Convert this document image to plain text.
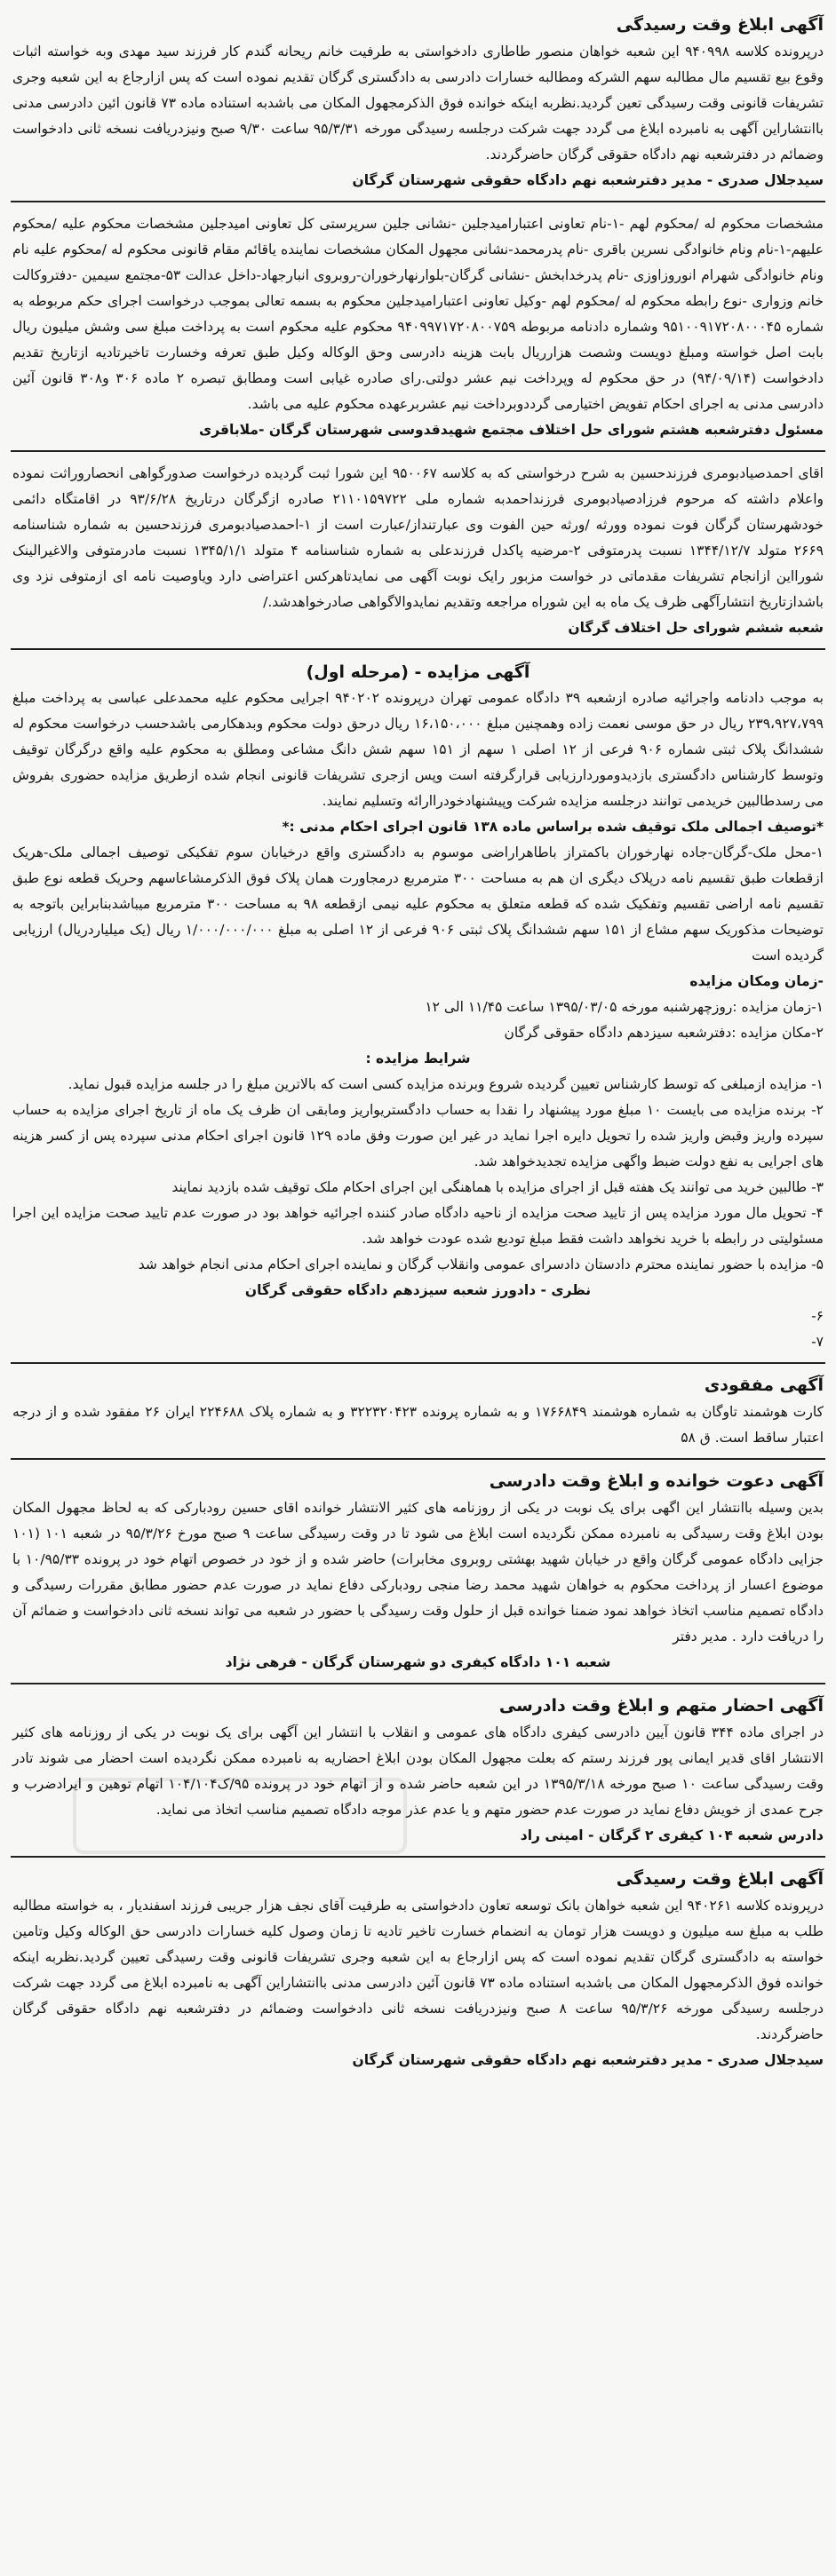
آگهی ابلاغ وقت رسیدگی
درپرونده کلاسه ۹۴۰۹۹۸ این شعبه خواهان منصور طاطاری دادخواستی به طرفیت خانم ریحانه گندم کار فرزند سید مهدی وبه خواسته اثبات وقوع بیع تقسیم مال مطالبه سهم الشرکه ومطالبه خسارات دادرسی به دادگستری گرگان تقدیم نموده است که پس ازارجاع به این شعبه وجری تشریفات قانونی وقت رسیدگی تعین گردید.نظربه اینکه خوانده فوق الذکرمجهول المکان می باشدبه استناده ماده ۷۳ قانون ائین دادرسی مدنی باانتشاراین آگهی به نامبرده ابلاغ می گردد جهت شرکت درجلسه رسیدگی مورخه ۹۵/۳/۳۱ ساعت ۹/۳۰ صبح ونیزدریافت نسخه ثانی دادخواست وضمائم در دفترشعبه نهم دادگاه حقوقی گرگان حاضرگردند.
سیدجلال صدری - مدیر دفترشعبه نهم دادگاه حقوقی شهرستان گرگان
مشخصات محکوم له /محکوم لهم -۱-نام تعاونی اعتبارامیدجلین -نشانی جلین سرپرستی کل تعاونی امیدجلین مشخصات محکوم علیه /محکوم علیهم-۱-نام ونام خانوادگی نسرین باقری -نام پدرمحمد-نشانی مجهول المکان مشخصات نماینده یاقائم مقام قانونی محکوم له /محکوم علیه نام ونام خانوادگی شهرام انوروزاوزی -نام پدرخدابخش -نشانی گرگان-بلوارنهارخوران-روبروی انبارجهاد-داخل عدالت ۵۳-مجتمع سیمین -دفتروکالت خانم وزواری -نوع رابطه محکوم له /محکوم لهم -وکیل تعاونی اعتبارامیدجلین محکوم به بسمه تعالی بموجب درخواست اجرای حکم مربوطه به شماره ۹۵۱۰۰۹۱۷۲۰۸۰۰۰۴۵ وشماره دادنامه مربوطه ۹۴۰۹۹۷۱۷۲۰۸۰۰۷۵۹ محکوم علیه محکوم است به پرداخت مبلغ سی وشش میلیون ریال بابت اصل خواسته ومبلغ دویست وشصت هزارریال بابت هزینه دادرسی وحق الوکاله وکیل طبق تعرفه وخسارت تاخیرتادیه ازتاریخ تقدیم دادخواست (۹۴/۰۹/۱۴) در حق محکوم له وپرداخت نیم عشر دولتی.رای صادره غیابی است ومطابق تبصره ۲ ماده ۳۰۶ و۳۰۸ قانون آئین دادرسی مدنی به اجرای احکام تفویض اختیارمی گرددوبرداخت نیم عشربرعهده محکوم علیه می باشد.
مسئول دفترشعبه هشتم شورای حل اختلاف مجتمع شهیدقدوسی شهرستان گرگان -ملاباقری
اقای احمدصیادبومری فرزندحسین به شرح درخواستی که به کلاسه ۹۵۰۰۶۷ این شورا ثبت گردیده درخواست صدورگواهی انحصاروراثت نموده واعلام داشته که مرحوم فرزادصیادبومری فرزنداحمدبه شماره ملی ۲۱۱۰۱۵۹۷۲۲ صادره ازگرگان درتاریخ ۹۳/۶/۲۸ در اقامتگاه دائمی خودشهرستان گرگان فوت نموده وورثه /ورثه حین الفوت وی عبارتنداز/عبارت است از ۱-احمدصیادبومری فرزندحسین به شماره شناسنامه ۲۶۶۹ متولد ۱۳۴۴/۱۲/۷ نسبت پدرمتوفی ۲-مرضیه پاکدل فرزندعلی به شماره شناسنامه ۴ متولد ۱۳۴۵/۱/۱ نسبت مادرمتوفی والاغیرالینک شورااین ازانجام تشریفات مقدماتی در خواست مزبور رایک نوبت آگهی می نمایدتاهرکس اعتراضی دارد ویاوصیت نامه ای ازمتوفی نزد وی باشدازتاریخ انتشارآگهی ظرف یک ماه به این شوراه مراجعه وتقدیم نمایدوالاگواهی صادرخواهدشد./
شعبه ششم شورای حل اختلاف گرگان
آگهی مزایده - (مرحله اول)
به موجب دادنامه واجرائیه صادره ازشعبه ۳۹ دادگاه عمومی تهران درپرونده ۹۴۰۲۰۲ اجرایی محکوم علیه محمدعلی عباسی به پرداخت مبلغ ۲۳۹،۹۲۷،۷۹۹ ریال در حق موسی نعمت زاده وهمچنین مبلغ ۱۶،۱۵۰،۰۰۰ ریال درحق دولت محکوم وبدهکارمی باشدحسب درخواست محکوم له ششدانگ پلاک ثبتی شماره ۹۰۶ فرعی از ۱۲ اصلی ۱ سهم از ۱۵۱ سهم شش دانگ مشاعی ومطلق به محکوم علیه واقع درگرگان توقیف وتوسط کارشناس دادگستری بازدیدوموردارزیابی قرارگرفته است وپس ازجری تشریفات قانونی انجام شده ازطریق مزایده حضوری بفروش می رسدطالبین خریدمی توانند درجلسه مزایده شرکت وپیشنهادخودراارائه وتسلیم نمایند.
*توصیف اجمالی ملک توقیف شده براساس ماده ۱۳۸ قانون اجرای احکام مدنی :*
۱-محل ملک-گرگان-جاده نهارخوران باکمتراز باطاهراراضی موسوم به دادگستری واقع درخیابان سوم تفکیکی توصیف اجمالی ملک-هریک ازقطعات طبق تقسیم نامه درپلاک دیگری ان هم به مساحت ۳۰۰ مترمربع درمجاورت همان پلاک فوق الذکرمشاعاسهم وحریک قطعه نوع طبق تقسیم نامه اراضی تقسیم وتفکیک شده که قطعه متعلق به محکوم علیه نیمی ازقطعه ۹۸ به مساحت ۳۰۰ مترمربع میباشدبنابراین باتوجه به توضیحات مذکوریک سهم مشاع از ۱۵۱ سهم ششدانگ پلاک ثبتی ۹۰۶ فرعی از ۱۲ اصلی به مبلغ ۱/۰۰۰/۰۰۰/۰۰۰ ریال (یک میلیاردریال) ارزیابی گردیده است
-زمان ومکان مزایده
۱-زمان مزایده :روزچهرشنبه مورخه ۱۳۹۵/۰۳/۰۵ ساعت ۱۱/۴۵ الی ۱۲
۲-مکان مزایده :دفترشعبه سیزدهم دادگاه حقوقی گرگان
شرایط مزایده :
۱- مزایده ازمبلغی که توسط کارشناس تعیین گردیده شروع وبرنده مزایده کسی است که بالاترین مبلغ را در جلسه مزایده قبول نماید.
۲- برنده مزایده می بایست ۱۰ مبلغ مورد پیشنهاد را نقدا به حساب دادگستریواریز ومابقی ان ظرف یک ماه از تاریخ اجرای مزایده به حساب سپرده واریز وقبض واریز شده را تحویل دایره اجرا نماید در غیر این صورت وفق ماده ۱۲۹ قانون اجرای احکام مدنی سپرده پس از کسر هزینه های اجرایی به نفع دولت ضبط واگهی مزایده تجدیدخواهد شد.
۳- طالبین خرید می توانند یک هفته قبل از اجرای مزایده با هماهنگی این اجرای احکام ملک توقیف شده بازدید نمایند
۴- تحویل مال مورد مزایده پس از تایید صحت مزایده از ناحیه دادگاه صادر کننده اجرائیه خواهد بود در صورت عدم تایید صحت مزایده این اجرا مسئولیتی در رابطه با خرید نخواهد داشت فقط مبلغ تودیع شده عودت خواهد شد.
۵- مزایده با حضور نماینده محترم دادستان دادسرای عمومی وانقلاب گرگان و نماینده اجرای احکام مدنی انجام خواهد شد
نظری - دادورز شعبه سیزدهم دادگاه حقوقی گرگان
۶-
۷-
آگهی مفقودی
کارت هوشمند تاوگان به شماره هوشمند ۱۷۶۶۸۴۹ و به شماره پرونده ۳۲۲۳۲۰۴۲۳ و به شماره پلاک ۲۲۴۶۸۸ ایران ۲۶ مفقود شده و از درجه اعتبار ساقط است. ق ۵۸
آگهی دعوت خوانده و ابلاغ وقت دادرسی
بدین وسیله باانتشار این اگهی برای یک نوبت در یکی از روزنامه های کثیر الانتشار خوانده اقای حسین رودبارکی که به لحاظ مجهول المکان بودن ابلاغ وقت رسیدگی به نامبرده ممکن نگردیده است ابلاغ می شود تا در وقت رسیدگی ساعت ۹ صبح مورخ ۹۵/۳/۲۶ در شعبه ۱۰۱ (۱۰۱ جزایی دادگاه عمومی گرگان واقع در خیابان شهید بهشتی روبروی مخابرات) حاضر شده و از خود در خصوص اتهام خود در پرونده ۱۰/۹۵/۳۳ با موضوع اعسار از پرداخت محکوم به خواهان شهید محمد رضا منجی رودبارکی دفاع نماید در صورت عدم حضور مطابق مقررات رسیدگی و دادگاه تصمیم مناسب اتخاذ خواهد نمود ضمنا خوانده قبل از حلول وقت رسیدگی با حضور در شعبه می تواند نسخه ثانی دادخواست و ضمائم آن را دریافت دارد . مدیر دفتر
شعبه ۱۰۱ دادگاه کیفری دو شهرستان گرگان - فرهی نژاد
آگهی احضار متهم و ابلاغ وقت دادرسی
در اجرای ماده ۳۴۴ قانون آیین دادرسی کیفری دادگاه های عمومی و انقلاب با انتشار این آگهی برای یک نوبت در یکی از روزنامه های کثیر الانتشار اقای قدیر ایمانی پور فرزند رستم که بعلت مجهول المکان بودن ابلاغ احضاریه به نامبرده ممکن نگردیده است احضار می شوند تادر وقت رسیدگی ساعت ۱۰ صبح مورخه ۱۳۹۵/۳/۱۸ در این شعبه حاضر شده و از اتهام خود در پرونده ۹۵/ک۱۰۴/۱۰۴ اتهام توهین و ایرادضرب و جرح عمدی از خویش دفاع نماید در صورت عدم حضور متهم و یا عدم عذر موجه دادگاه تصمیم مناسب اتخاذ می نماید.
دادرس شعبه ۱۰۴ کیفری ۲ گرگان - امینی راد
آگهی ابلاغ وقت رسیدگی
درپرونده کلاسه ۹۴۰۲۶۱ این شعبه خواهان بانک توسعه تعاون دادخواستی به طرفیت آقای نجف هزار جریبی فرزند اسفندیار ، به خواسته مطالبه طلب به مبلغ سه میلیون و دویست هزار تومان به انضمام خسارت تاخیر تادیه تا زمان وصول کلیه خسارات دادرسی حق الوکاله وکیل وتامین خواسته به دادگستری گرگان تقدیم نموده است که پس ازارجاع به این شعبه وجری تشریفات قانونی وقت رسیدگی تعیین گردید.نظربه اینکه خوانده فوق الذکرمجهول المکان می باشدبه استناده ماده ۷۳ قانون آئین دادرسی مدنی باانتشاراین آگهی به نامبرده ابلاغ می گردد جهت شرکت درجلسه رسیدگی مورخه ۹۵/۳/۲۶ ساعت ۸ صبح ونیزدریافت نسخه ثانی دادخواست وضمائم در دفترشعبه نهم دادگاه حقوقی گرگان حاضرگردند.
سیدجلال صدری - مدیر دفترشعبه نهم دادگاه حقوقی شهرستان گرگان
